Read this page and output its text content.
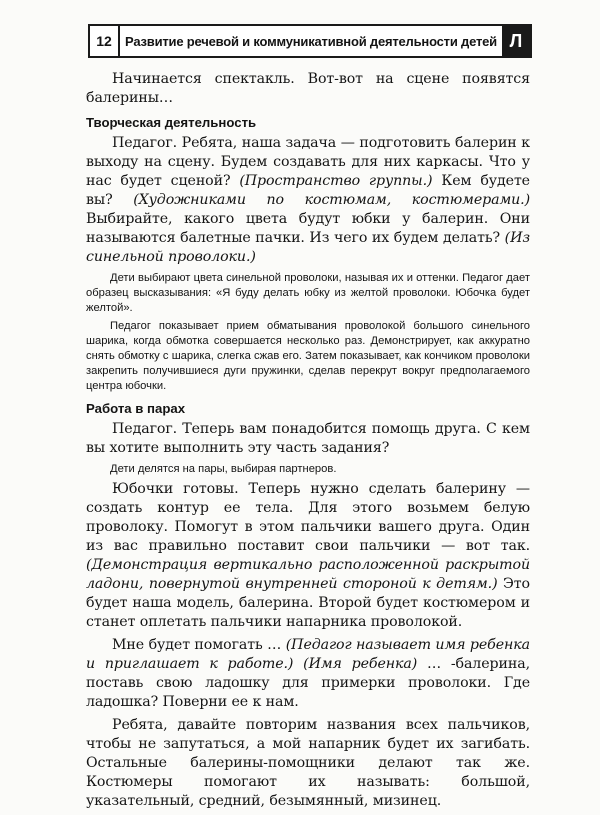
12	Развитие речевой и коммуникативной деятельности детей Л

Начинается спектакль. Вот-вот на сцене появятся балерины…

Творческая деятельность

Педагог. Ребята, наша задача — подготовить балерин к выходу на сцену. Будем создавать для них каркасы. Что у нас будет сценой? (Пространство группы.) Кем будете вы? (Художниками по костюмам, костюмерами.) Выбирайте, какого цвета будут юбки у балерин. Они называются балетные пачки. Из чего их будем делать? (Из синельной проволоки.)

Дети выбирают цвета синельной проволоки, называя их и оттенки. Педагог дает образец высказывания: «Я буду делать юбку из желтой проволоки. Юбочка будет желтой».

Педагог показывает прием обматывания проволокой большого синельного шарика, когда обмотка совершается несколько раз. Демонстрирует, как аккуратно снять обмотку с шарика, слегка сжав его. Затем показывает, как кончиком проволоки закрепить получившиеся дуги пружинки, сделав перекрут вокруг предполагаемого центра юбочки.

Работа в парах

Педагог. Теперь вам понадобится помощь друга. С кем вы хотите выполнить эту часть задания?

Дети делятся на пары, выбирая партнеров.

Юбочки готовы. Теперь нужно сделать балерину — создать контур ее тела. Для этого возьмем белую проволоку. Помогут в этом пальчики вашего друга. Один из вас правильно поставит свои пальчики — вот так. (Демонстрация вертикально расположенной раскрытой ладони, повернутой внутренней стороной к детям.) Это будет наша модель, балерина. Второй будет костюмером и станет оплетать пальчики напарника проволокой.

Мне будет помогать … (Педагог называет имя ребенка и приглашает к работе.) (Имя ребенка) … -балерина, поставь свою ладошку для примерки проволоки. Где ладошка? Поверни ее к нам.

Ребята, давайте повторим названия всех пальчиков, чтобы не запутаться, а мой напарник будет их загибать. Остальные балерины-помощники делают так же. Костюмеры помогают их называть: большой, указательный, средний, безымянный, мизинец.
